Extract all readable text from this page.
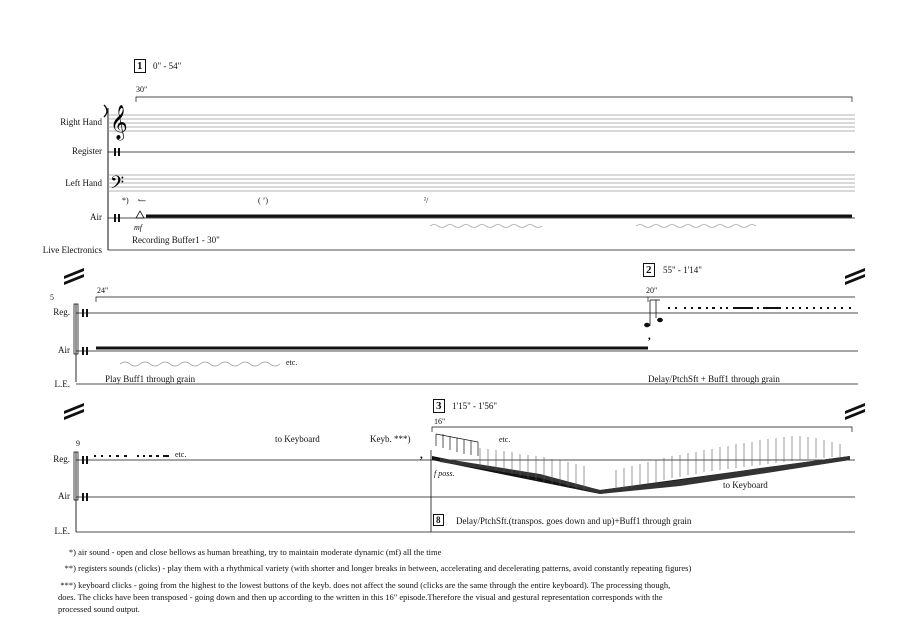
,
,
𝄞
𝄢
Right Hand
Register
Left Hand
Air
Live Electronics
1	0" - 54"
30"
*) ⹃	( ʼ)	ˀ/
mf
Recording Buffer1 - 30"
5
Reg.
Air
L.E.
2	55" - 1'14"
24"	20"
etc.
Play Buff1 through grain	Delay/PtchSft + Buff1 through grain
9
Reg.
Air
L.E.
3	1'15" - 1'56"
16"
etc.
to Keyboard	Keyb. ***)	etc.
f poss.
to Keyboard
8	Delay/PtchSft.(transpos. goes down and up)+Buff1 through grain
*) air sound - open and close bellows as human breathing, try to maintain moderate dynamic (mf) all the time
**) registers sounds (clicks) - play them with a rhythmical variety (with shorter and longer breaks in between, accelerating and decelerating patterns, avoid constantly repeating figures)
***) keyboard clicks - going from the highest to the lowest buttons of the keyb. does not affect the sound (clicks are the same through the entire keyboard). The processing though,
does. The clicks have been transposed - going down and then up according to the written in this 16" episode.Therefore the visual and gestural representation corresponds with the
processed sound output.
